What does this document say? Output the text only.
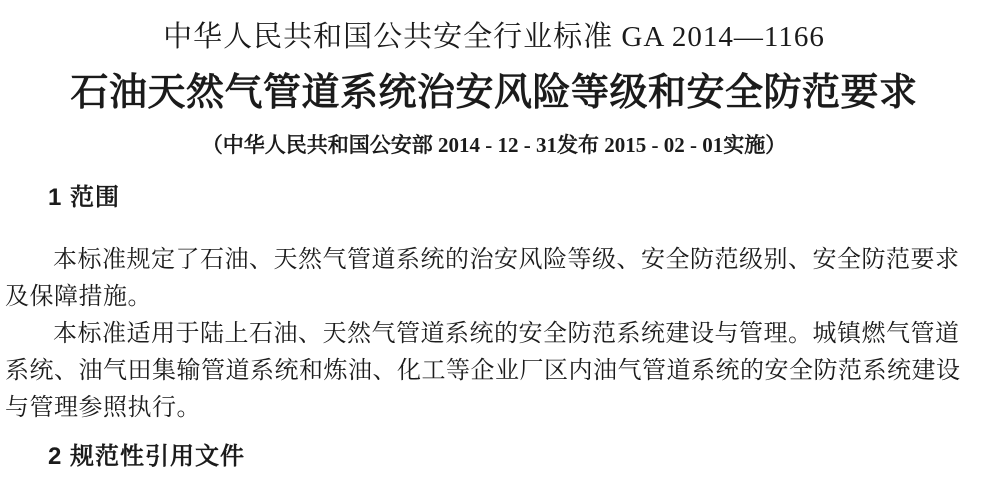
中华人民共和国公共安全行业标准 GA 2014—1166
石油天然气管道系统治安风险等级和安全防范要求
（中华人民共和国公安部 2014 - 12 - 31发布 2015 - 02 - 01实施）
1 范围
本标准规定了石油、天然气管道系统的治安风险等级、安全防范级别、安全防范要求
及保障措施。
本标准适用于陆上石油、天然气管道系统的安全防范系统建设与管理。城镇燃气管道
系统、油气田集输管道系统和炼油、化工等企业厂区内油气管道系统的安全防范系统建设
与管理参照执行。
2 规范性引用文件
